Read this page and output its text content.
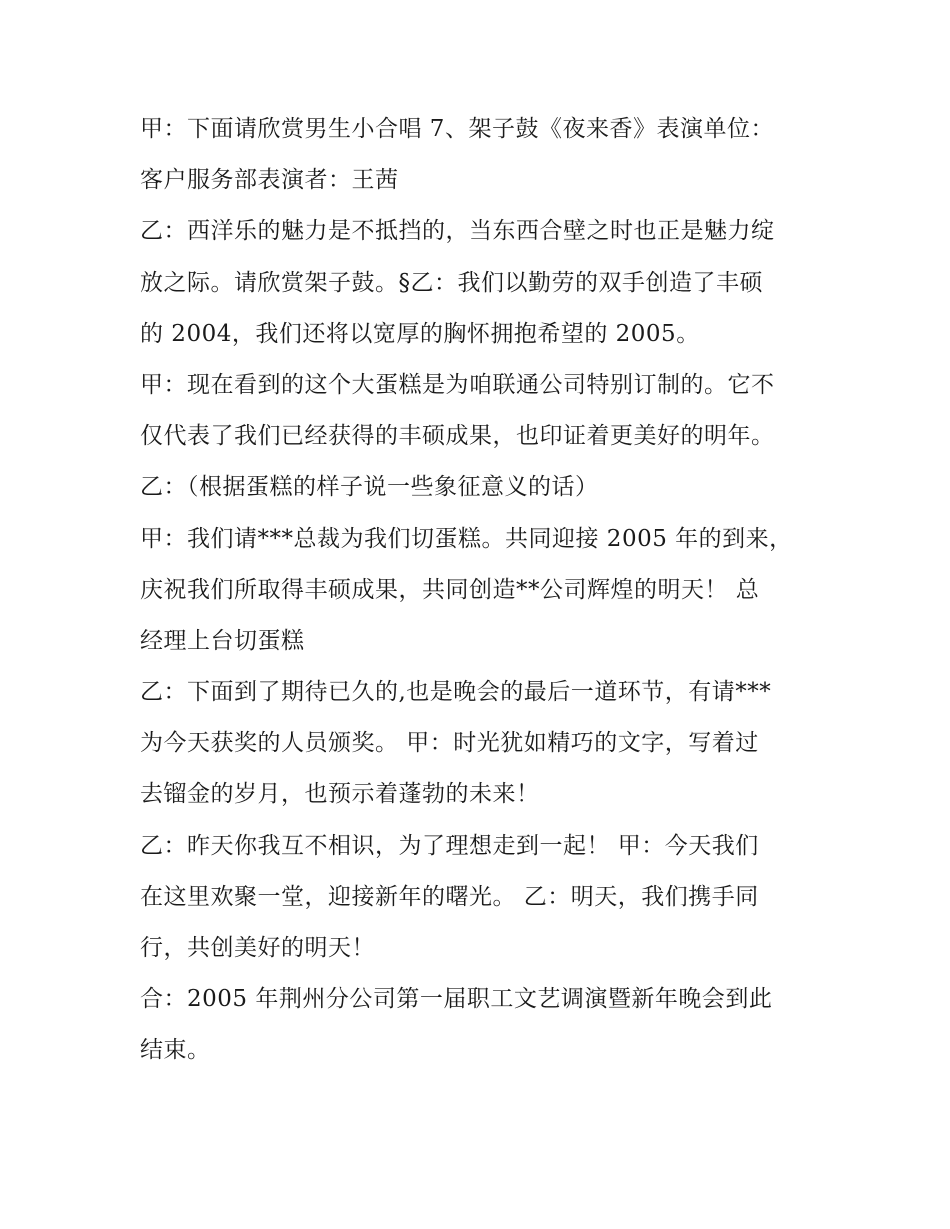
甲：下面请欣赏男生小合唱 7、架子鼓《夜来香》表演单位：
客户服务部表演者：王茜
乙：西洋乐的魅力是不抵挡的，当东西合壁之时也正是魅力绽
放之际。请欣赏架子鼓。§乙：我们以勤劳的双手创造了丰硕
的 2004，我们还将以宽厚的胸怀拥抱希望的 2005。
甲：现在看到的这个大蛋糕是为咱联通公司特别订制的。它不
仅代表了我们已经获得的丰硕成果，也印证着更美好的明年。
乙：（根据蛋糕的样子说一些象征意义的话）
甲：我们请***总裁为我们切蛋糕。共同迎接 2005 年的到来，
庆祝我们所取得丰硕成果，共同创造**公司辉煌的明天！ 总
经理上台切蛋糕
乙：下面到了期待已久的,也是晚会的最后一道环节，有请***
为今天获奖的人员颁奖。 甲：时光犹如精巧的文字，写着过
去镏金的岁月，也预示着蓬勃的未来！
乙：昨天你我互不相识，为了理想走到一起！ 甲：今天我们
在这里欢聚一堂，迎接新年的曙光。 乙：明天，我们携手同
行，共创美好的明天！
合：2005 年荆州分公司第一届职工文艺调演暨新年晚会到此
结束。
